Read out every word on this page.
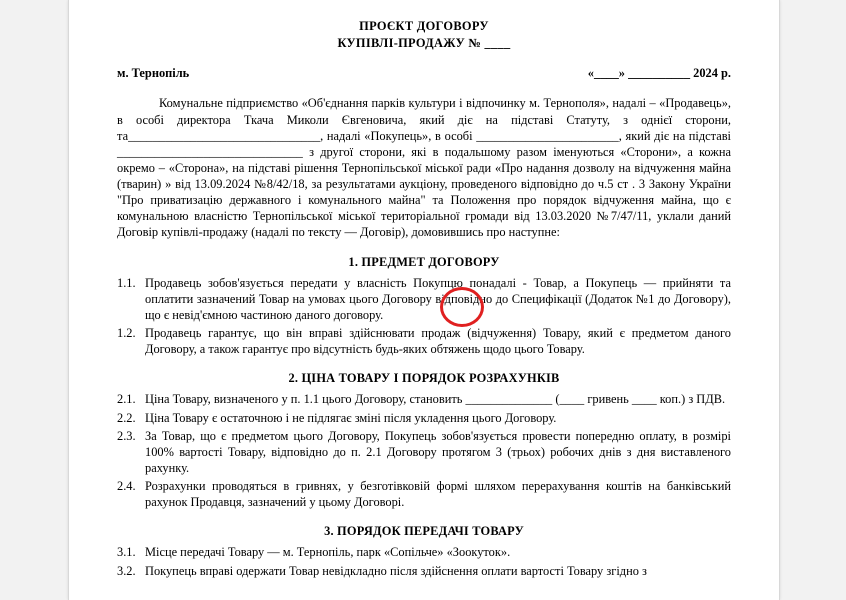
ПРОЄКТ ДОГОВОРУ
КУПІВЛІ-ПРОДАЖУ № ____
м. Тернопіль	«____» __________ 2024 р.

Комунальне підприємство «Об'єднання парків культури і відпочинку м. Тернополя», надалі – «Продавець», в особі директора Ткача Миколи Євгеновича, який діє на підставі Статуту, з однієї сторони, та_______________________________, надалі «Покупець», в особі _______________________, який діє на підставі ______________________________ з другої сторони, які в подальшому разом іменуються «Сторони», а кожна окремо – «Сторона», на підставі рішення Тернопільської міської ради «Про надання дозволу на відчуження майна (тварин) » від 13.09.2024 №8/42/18, за результатами аукціону, проведеного відповідно до ч.5 ст . 3 Закону України "Про приватизацію державного і комунального майна" та Положення про порядок відчуження майна, що є комунальною власністю Тернопільської міської територіальної громади від 13.03.2020 №7/47/11, уклали даний Договір купівлі-продажу (надалі по тексту — Договір), домовившись про наступне:

1. ПРЕДМЕТ ДОГОВОРУ
1.1. Продавець зобов'язується передати у власність Покупцю понадалі - Товар, а Покупець — прийняти та оплатити зазначений Товар на умовах цього Договору відповідно до Специфікації (Додаток №1 до Договору), що є невід'ємною частиною даного договору.
1.2. Продавець гарантує, що він вправі здійснювати продаж (відчуження) Товару, який є предметом даного Договору, а також гарантує про відсутність будь-яких обтяжень щодо цього Товару.
2. ЦІНА ТОВАРУ І ПОРЯДОК РОЗРАХУНКІВ
2.1. Ціна Товару, визначеного у п. 1.1 цього Договору, становить ______________ (____ гривень ____ коп.) з ПДВ.
2.2. Ціна Товару є остаточною і не підлягає зміні після укладення цього Договору.
2.3. За Товар, що є предметом цього Договору, Покупець зобов'язується провести попередню оплату, в розмірі 100% вартості Товару, відповідно до п. 2.1 Договору протягом 3 (трьох) робочих днів з дня виставленого рахунку.
2.4. Розрахунки проводяться в гривнях, у безготівковій формі шляхом перерахування коштів на банківський рахунок Продавця, зазначений у цьому Договорі.
3. ПОРЯДОК ПЕРЕДАЧІ ТОВАРУ
3.1. Місце передачі Товару — м. Тернопіль, парк «Сопільче» «Зоокуток».
3.2. Покупець вправі одержати Товар невідкладно після здійснення оплати вартості Товару згідно з
